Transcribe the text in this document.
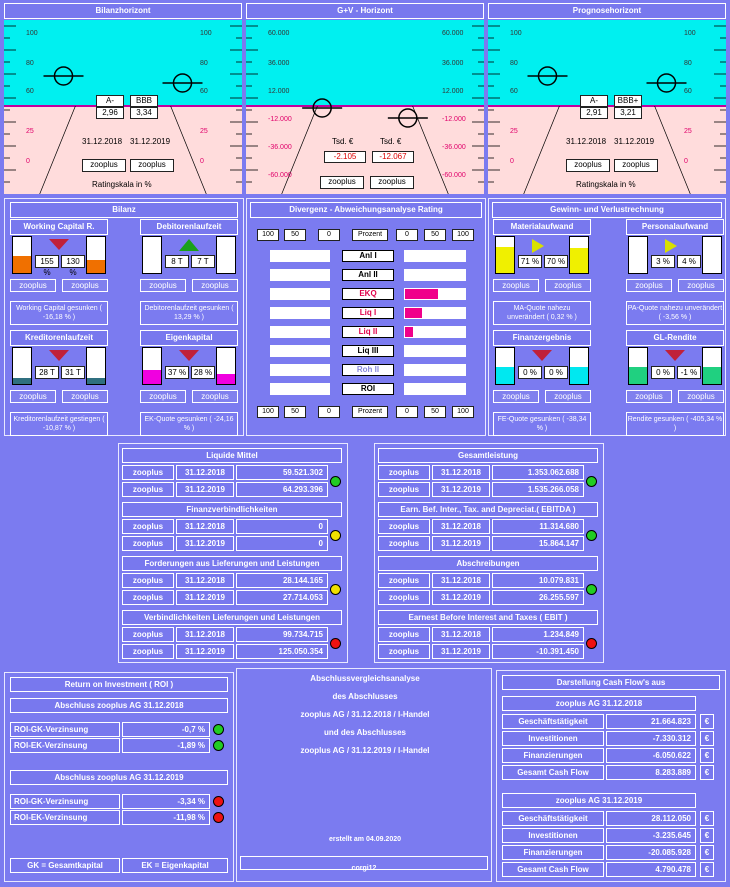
Bilanzhorizont
100	100
80	80
60	60
25	25
0	0
A-
2,96
31.12.2018
zooplus
BBB
3,34
31.12.2019
zooplus
Ratingskala in %
G+V - Horizont
60.000	60.000
36.000	36.000
12.000	12.000
-12.000	-12.000
-36.000	-36.000
-60.000	-60.000
Tsd. €
-2.105
zooplus
Tsd. €
-12.067
zooplus
Prognosehorizont
100	100
80	80
60	60
25	25
0	0
A-
2,91
31.12.2018
zooplus
BBB+
3,21
31.12.2019
zooplus
Ratingskala in %
Bilanz
Working Capital R.
155 %
130 %
zooplus	zooplus
Working Capital gesunken ( -16,18 % )
Debitorenlaufzeit
8 T	7 T
zooplus	zooplus
Debitorenlaufzeit gesunken ( 13,29 % )
Kreditorenlaufzeit
28 T	31 T
zooplus	zooplus
Kreditorenlaufzeit gestiegen ( -10,87 % )
Eigenkapital
37 % 28 %
zooplus	zooplus
EK-Quote gesunken ( -24,16 % )
Divergenz - Abweichungsanalyse Rating
100	50	0	Prozent	0	50	100
100	50	0	Prozent	0	50	100
Anl I
Anl II
EKQ
Liq I
Liq II
Liq III
Roh II
ROI
Gewinn- und Verlustrechnung
Materialaufwand
71 % 70 %
zooplus	zooplus
MA-Quote nahezu unverändert ( 0,32 % )
Personalaufwand
3 %	4 %
zooplus	zooplus
PA-Quote nahezu unverändert ( -3,56 % )
Finanzergebnis
0 %	0 %
zooplus	zooplus
FE-Quote gesunken ( -38,34 % )
GL-Rendite
0 %	-1 %
zooplus	zooplus
Rendite gesunken ( -405,34 % )
Liquide Mittel
zooplus	31.12.2018	59.521.302
zooplus	31.12.2019	64.293.396
Finanzverbindlichkeiten
zooplus	31.12.2018	0
zooplus	31.12.2019	0
Forderungen aus Lieferungen und Leistungen
zooplus	31.12.2018	28.144.165
zooplus	31.12.2019	27.714.053
Verbindlichkeiten Lieferungen und Leistungen
zooplus	31.12.2018	99.734.715
zooplus	31.12.2019	125.050.354
Gesamtleistung
zooplus	31.12.2018	1.353.062.688
zooplus	31.12.2019	1.535.266.058
Earn. Bef. Inter., Tax. and Depreciat.( EBITDA )
zooplus	31.12.2018	11.314.680
zooplus	31.12.2019	15.864.147
Abschreibungen
zooplus	31.12.2018	10.079.831
zooplus	31.12.2019	26.255.597
Earnest Before Interest and Taxes ( EBIT )
zooplus	31.12.2018	1.234.849
zooplus	31.12.2019	-10.391.450
Return on Investment ( ROI )
Abschluss zooplus AG 31.12.2018
ROI-GK-Verzinsung	-0,7 %
ROI-EK-Verzinsung	-1,89 %
Abschluss zooplus AG 31.12.2019
ROI-GK-Verzinsung	-3,34 %
ROI-EK-Verzinsung	-11,98 %
GK = Gesamtkapital	EK = Eigenkapital
Abschlussvergleichsanalyse
des Abschlusses
zooplus AG / 31.12.2018 / I-Handel
und des Abschlusses
zooplus AG / 31.12.2019 / I-Handel
erstellt am 04.09.2020
corgi12
Darstellung Cash Flow's aus
zooplus AG 31.12.2018
Geschäftstätigkeit	21.664.823	€
Investitionen	-7.330.312	€
Finanzierungen	-6.050.622	€
Gesamt Cash Flow	8.283.889	€
zooplus AG 31.12.2019
Geschäftstätigkeit	28.112.050	€
Investitionen	-3.235.645	€
Finanzierungen	-20.085.928	€
Gesamt Cash Flow	4.790.478	€
